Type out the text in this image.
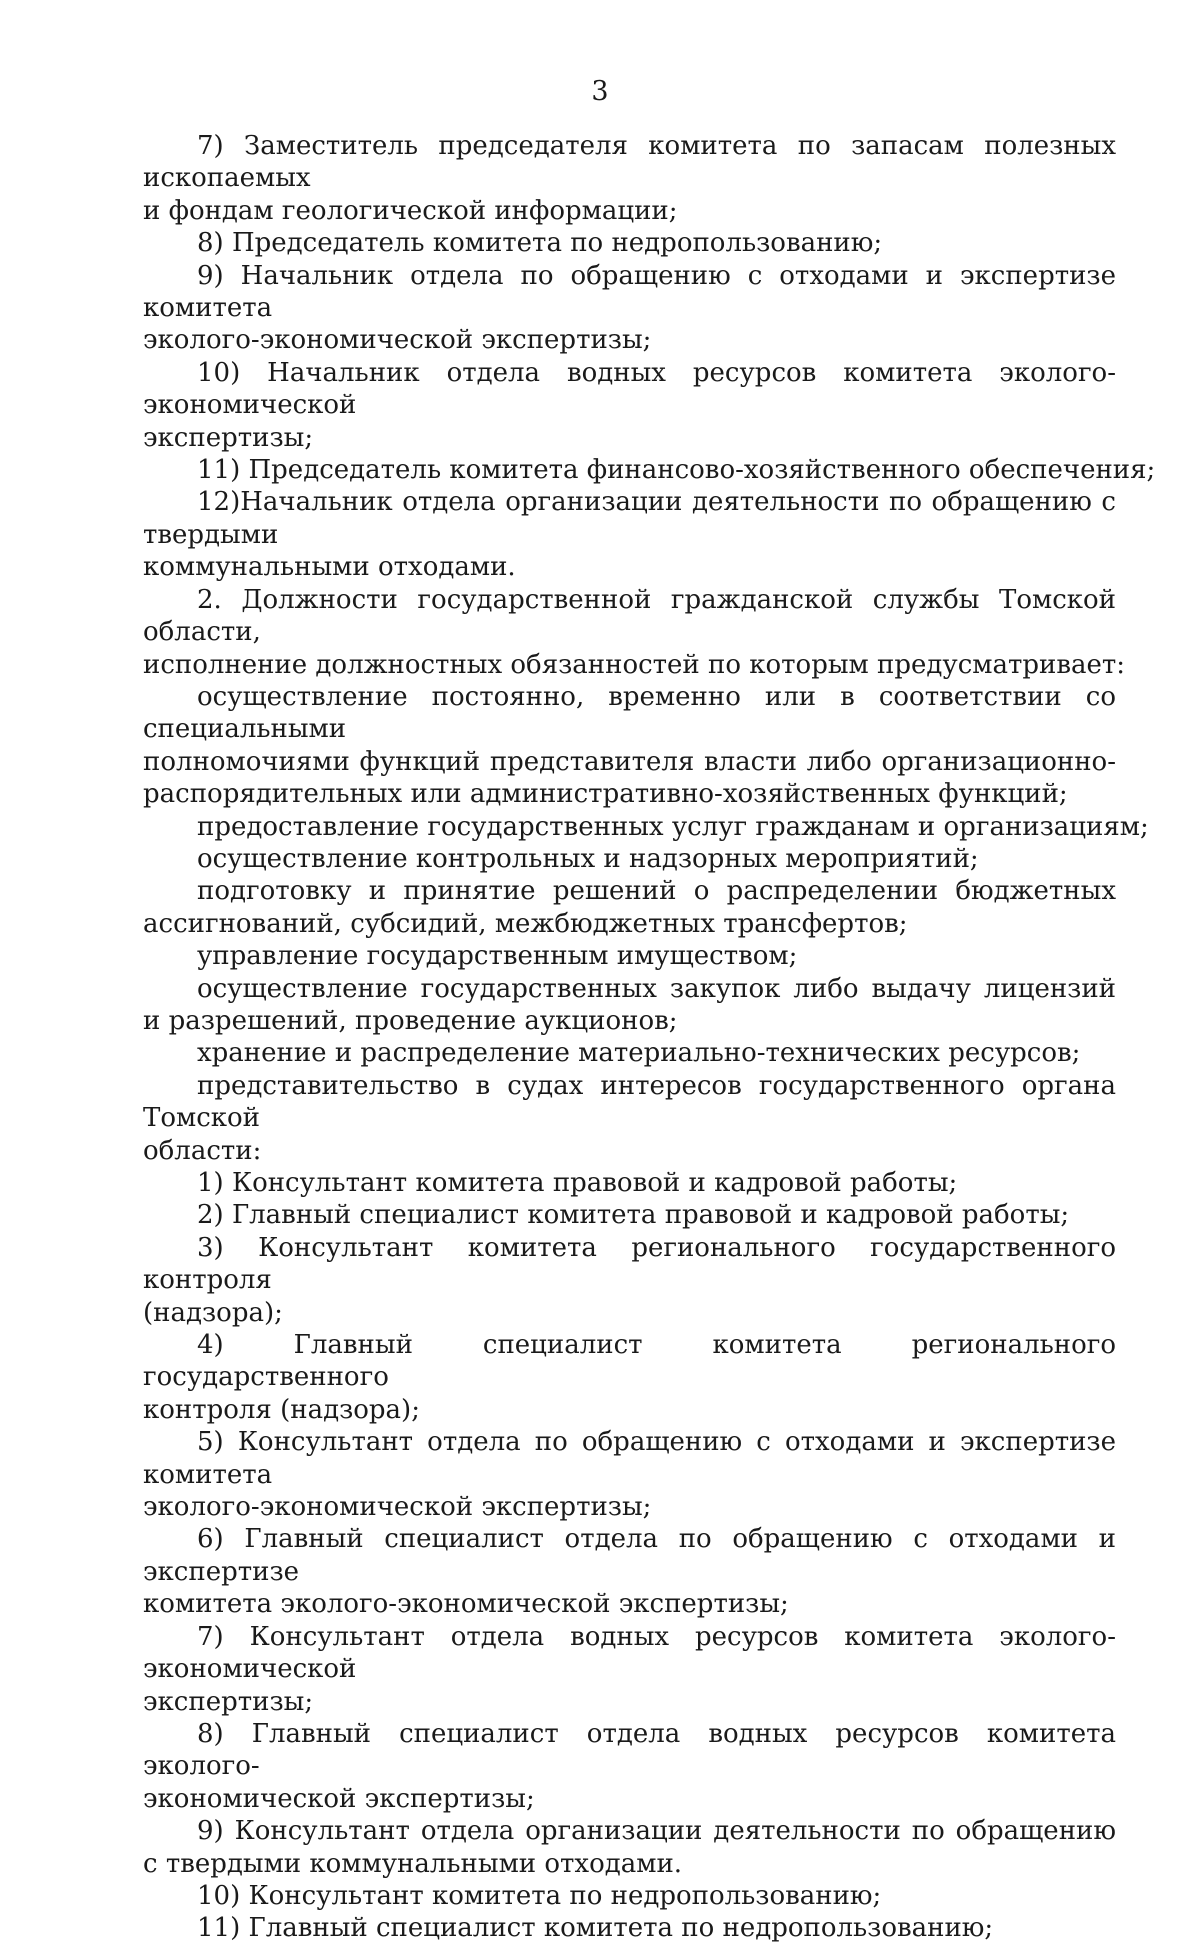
3
7) Заместитель председателя комитета по запасам полезных ископаемых
и фондам геологической информации;
8) Председатель комитета по недропользованию;
9) Начальник отдела по обращению с отходами и экспертизе комитета
эколого-экономической экспертизы;
10) Начальник отдела водных ресурсов комитета эколого-экономической
экспертизы;
11) Председатель комитета финансово-хозяйственного обеспечения;
12)Начальник отдела организации деятельности по обращению с твердыми
коммунальными отходами.
2. Должности государственной гражданской службы Томской области,
исполнение должностных обязанностей по которым предусматривает:
осуществление постоянно, временно или в соответствии со специальными
полномочиями функций представителя власти либо организационно-
распорядительных или административно-хозяйственных функций;
предоставление государственных услуг гражданам и организациям;
осуществление контрольных и надзорных мероприятий;
подготовку и принятие решений о распределении бюджетных
ассигнований, субсидий, межбюджетных трансфертов;
управление государственным имуществом;
осуществление государственных закупок либо выдачу лицензий
и разрешений, проведение аукционов;
хранение и распределение материально-технических ресурсов;
представительство в судах интересов государственного органа Томской
области:
1) Консультант комитета правовой и кадровой работы;
2) Главный специалист комитета правовой и кадровой работы;
3) Консультант комитета регионального государственного контроля
(надзора);
4) Главный специалист комитета регионального государственного
контроля (надзора);
5) Консультант отдела по обращению с отходами и экспертизе комитета
эколого-экономической экспертизы;
6) Главный специалист отдела по обращению с отходами и экспертизе
комитета эколого-экономической экспертизы;
7) Консультант отдела водных ресурсов комитета эколого-экономической
экспертизы;
8) Главный специалист отдела водных ресурсов комитета эколого-
экономической экспертизы;
9) Консультант отдела организации деятельности по обращению
с твердыми коммунальными отходами.
10) Консультант комитета по недропользованию;
11) Главный специалист комитета по недропользованию;
